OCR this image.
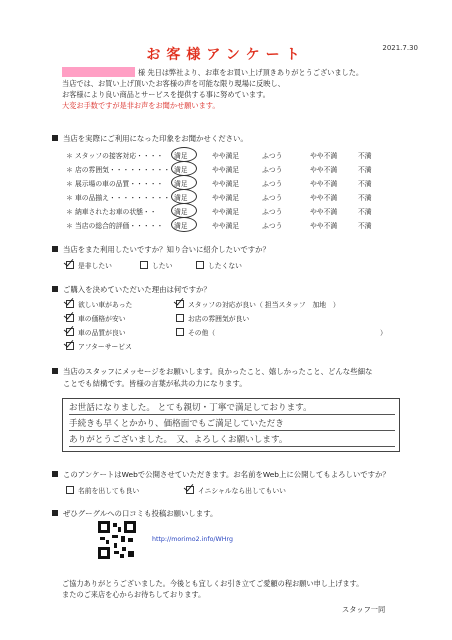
お客様アンケート	2021.7.30
様 先日は弊社より、お車をお買い上げ頂きありがとうございました。
当店では、お買い上げ頂いたお客様の声を可能な限り現場に反映し、
お客様により良い商品とサービスを提供する事に努めています。
大変お手数ですが是非お声をお聞かせ願います。
当店を実際にご利用になった印象をお聞かせください。
＊ スタッフの接客対応・・・・ 満足	やや満足	ふつう	やや不満	不満
＊ 店の雰囲気・・・・・・・・・ 満足	やや満足	ふつう	やや不満	不満
＊ 展示場の車の品質・・・・・ 満足	やや満足	ふつう	やや不満	不満
＊ 車の品揃え・・・・・・・・・ 満足	やや満足	ふつう	やや不満	不満
＊ 納車されたお車の状態・・	満足	やや満足	ふつう	やや不満	不満
＊ 当店の総合的評価・・・・・ 満足	やや満足	ふつう	やや不満	不満
当店をまた利用したいですか？知り合いに紹介したいですか？
是非したい	したい	したくない
ご購入を決めていただいた理由は何ですか？
欲しい車があった
車の価格が安い
車の品質が良い
アフターサービス
スタッフの対応が良い（ 担当スタッフ　加地　）
お店の雰囲気が良い
その他（	）
当店のスタッフにメッセージをお願いします。良かったこと、嬉しかったこと、どんな些細な
ことでも結構です。皆様の言葉が私共の力になります。
お世話になりました。 とても親切・丁寧で満足しております。
手続きも早くとかかり、価格面でもご満足していただき
ありがとうございました。　又、よろしくお願いします。
このアンケートはWebで公開させていただきます。お名前をWeb上に公開してもよろしいですか？
名前を出しても良い	イニシャルなら出してもいい
ぜひグーグルへの口コミも投稿お願いします。
http://morimo2.info/WHrg
ご協力ありがとうございました。今後とも宜しくお引き立てご愛顧の程お願い申し上げます。
またのご来店を心からお待ちしております。
スタッフ一同
